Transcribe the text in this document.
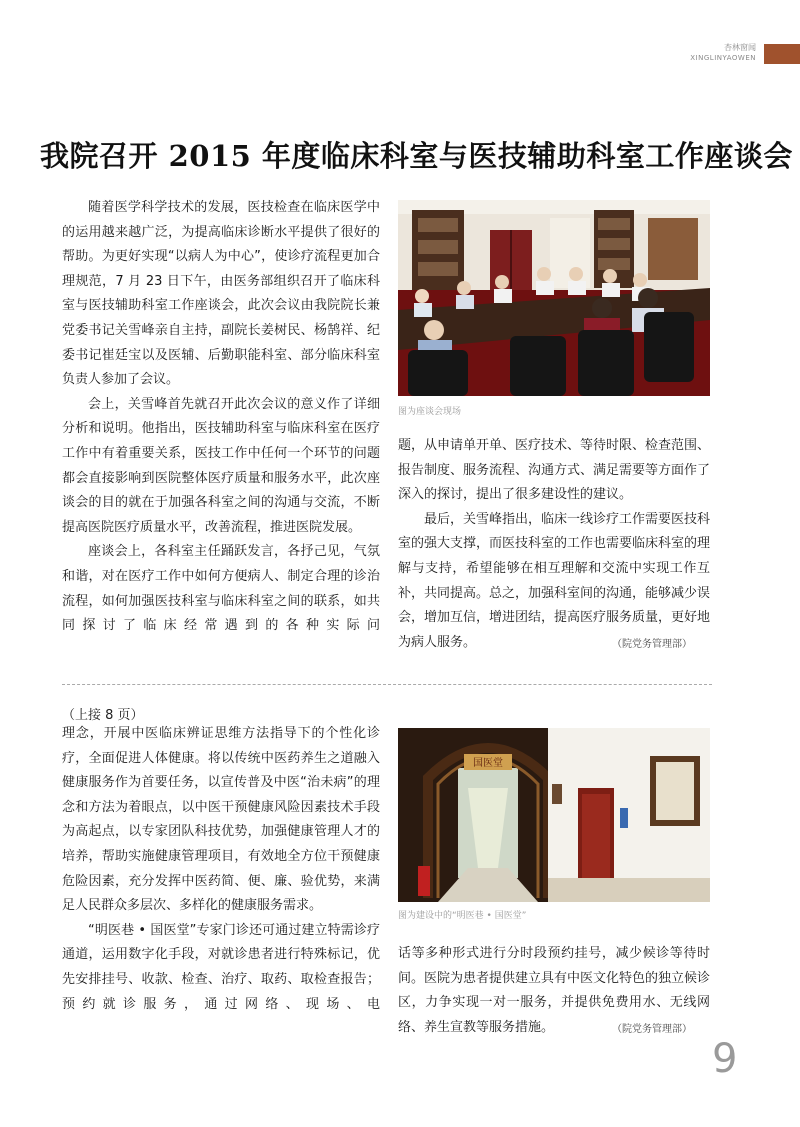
杏林窗闻
XINGLINYAOWEN
我院召开 2015 年度临床科室与医技辅助科室工作座谈会

随着医学科学技术的发展，医技检查在临床医学中的运用越来越广泛，为提高临床诊断水平提供了很好的帮助。为更好实现“以病人为中心”，使诊疗流程更加合理规范，7 月 23 日下午，由医务部组织召开了临床科室与医技辅助科室工作座谈会，此次会议由我院院长兼党委书记关雪峰亲自主持，副院长姜树民、杨鹄祥、纪委书记崔廷宝以及医辅、后勤职能科室、部分临床科室负责人参加了会议。

会上，关雪峰首先就召开此次会议的意义作了详细分析和说明。他指出，医技辅助科室与临床科室在医疗工作中有着重要关系，医技工作中任何一个环节的问题都会直接影响到医院整体医疗质量和服务水平，此次座谈会的目的就在于加强各科室之间的沟通与交流，不断提高医院医疗质量水平，改善流程，推进医院发展。

座谈会上，各科室主任踊跃发言，各抒己见，气氛和谐，对在医疗工作中如何方便病人、制定合理的诊治流程，如何加强医技科室与临床科室之间的联系，如共同探讨了临床经常遇到的各种实际问

图为座谈会现场

题，从申请单开单、医疗技术、等待时限、检查范围、报告制度、服务流程、沟通方式、满足需要等方面作了深入的探讨，提出了很多建设性的建议。

最后，关雪峰指出，临床一线诊疗工作需要医技科室的强大支撑，而医技科室的工作也需要临床科室的理解与支持，希望能够在相互理解和交流中实现工作互补，共同提高。总之，加强科室间的沟通，能够减少误会，增加互信，增进团结，提高医疗服务质量，更好地为病人服务。	（院党务管理部）
（上接 8 页）

理念，开展中医临床辨证思维方法指导下的个性化诊疗，全面促进人体健康。将以传统中医药养生之道融入健康服务作为首要任务，以宣传普及中医“治未病”的理念和方法为着眼点，以中医干预健康风险因素技术手段为高起点，以专家团队科技优势，加强健康管理人才的培养，帮助实施健康管理项目，有效地全方位干预健康危险因素，充分发挥中医药简、便、廉、验优势，来满足人民群众多层次、多样化的健康服务需求。

“明医巷 • 国医堂”专家门诊还可通过建立特需诊疗通道，运用数字化手段，对就诊患者进行特殊标记，优先安排挂号、收款、检查、治疗、取药、取检查报告；预约就诊服务，通过网络、现场、电

国医堂
图为建设中的“明医巷 • 国医堂”

话等多种形式进行分时段预约挂号，减少候诊等待时间。医院为患者提供建立具有中医文化特色的独立候诊区，力争实现一对一服务，并提供免费用水、无线网络、养生宣教等服务措施。	（院党务管理部）
9
